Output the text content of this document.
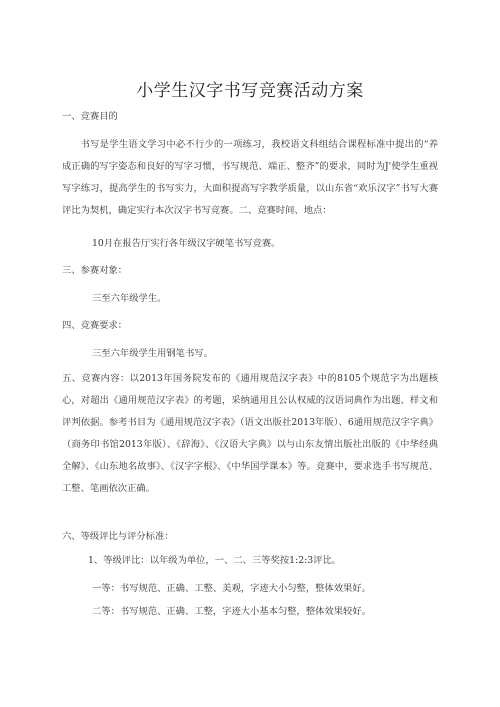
小学生汉字书写竞赛活动方案
一、竞赛目的
书写是学生语文学习中必不行少的一项练习，我校语文科组结合课程标准中提出的“养成正确的写字姿态和良好的写字习惯，书写规范、端正、整齐”的要求，同时为J'使学生重视写字练习，提高学生的书写实力，大面积提高写字教学质量，以山东省“欢乐汉字”书写大赛评比为契机，确定实行本次汉字书写竞赛。二、竞赛时间、地点：
10月在报告厅实行各年级汉字硬笔书写竞赛。
三、参赛对象：
三至六年级学生。
四、竞赛要求：
三至六年级学生用钢笔书写。
五、竞赛内容：以2013年国务院发布的《通用规范汉字表》中的8105个规范字为出题核心，对超出《通用规范汉字表》的考题，采纳通用且公认权威的汉语词典作为出题、样文和评判依据。参考书目为《通用规范汉字表》（语文出版社2013年版）、6通用规范汉字字典》（商务印书馆2013年版）、《辞海》、《汉语大字典》以与山东友情出版社出版的《中华经典全解》、《山东地名故事》、《汉字字根》、《中华国学课本》等。竞赛中，要求选手书写规范、工整、笔画依次正确。
六、等级评比与评分标准：
1、等级评比：以年级为单位，一、二、三等奖按1:2:3评比。
一等：书写规范、正确、工整、美观，字迹大小匀整，整体效果好。
二等：书写规范、正确、工整，字迹大小基本匀整，整体效果较好。
